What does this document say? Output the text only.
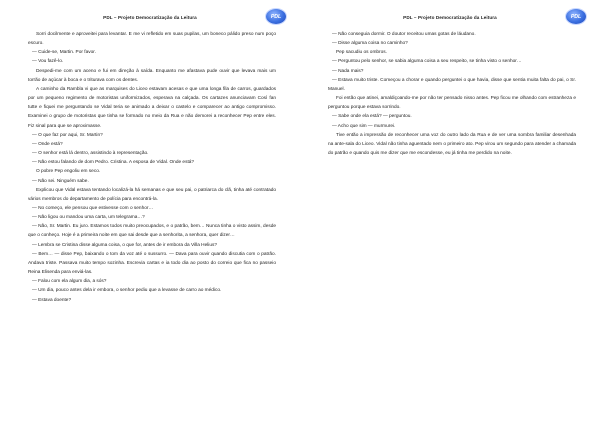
PDL – Projeto Democratização da Leitura	PDL

Sorri docilmente e aproveitei para levantar. E me vi refletido em suas pupilas, um boneco pálido preso num poço escuro.

— Cuide-se, Martin. Por favor.

— Vou fazê-lo.

Despedi-me com um aceno e fui em direção à saída. Enquanto me afastava pude ouvir que levava mais um torrão de açúcar à boca e o triturava com os dentes.

A caminho da Rambla vi que as marquises do Liceo estavam acesas e que uma longa fila de carros, guardados por um pequeno regimento de motoristas uniformizados, esperava na calçada. Os cartazes anunciavam Così fan tutte e fiquei me perguntando se Vidal teria se animado a deixar o castelo e comparecer ao antigo compromisso. Examinei o grupo de motoristas que tinha se formado no meio da Rua e não demorei a reconhecer Pep entre eles. Fiz sinal para que se aproximasse.

— O que faz por aqui, Sr. Martin?

— Onde está?

— O senhor está lá dentro, assistindo à representação.

— Não estou falando de dom Pedro. Cristina. A esposa de Vidal. Onde está?

O pobre Pep engoliu em seco.

— Não sei. Ninguém sabe.

Explicou que Vidal estava tentando localizá-la há semanas e que seu pai, o patriarca do clã, tinha até contratado vários membros do departamento de polícia para encontrá-la.

— No começo, ele pensou que estivesse com o senhor…

— Não ligou ou mandou uma carta, um telegrama…?

— Não, Sr. Martin. Eu juro. Estamos todos muito preocupados, e o patrão, bem… Nunca tinha o visto assim, desde que o conheço. Hoje é a primeira noite em que sai desde que a senhorita, a senhora, quer dizer…

— Lembra se Cristina disse alguma coisa, o que for, antes de ir embora da Villa Helius?

— Bem… — disse Pep, baixando o tom da voz até o sussurro. — Dava para ouvir quando discutia com o patrão. Andava triste. Passava muito tempo sozinha. Escrevia cartas e ia todo dia ao posto do correio que fica no passeio Reina Elisenda para enviá-las.

— Falou com ela algum dia, a sós?

— Um dia, pouco antes dela ir embora, o senhor pediu que a levasse de carro ao médico.

— Estava doente?

PDL – Projeto Democratização da Leitura	PDL

— Não conseguia dormir. O doutor receitou umas gotas de láudano.

— Disse alguma coisa no caminho?

Pep sacudiu os ombros.

— Perguntou pelo senhor, se sabia alguma coisa a seu respeito, se tinha visto o senhor…

— Nada mais?

— Estava muito triste. Começou a chorar e quando perguntei o que havia, disse que sentia muita falta do pai, o Sr. Manuel.

Foi então que atinei, amaldiçoando-me por não ter pensado nisso antes. Pep ficou me olhando com estranheza e perguntou porque estava sorrindo.

— Sabe onde ela está? — perguntou.

— Acho que sim — murmurei.

Tive então a impressão de reconhecer uma voz do outro lado da Rua e de ver uma sombra familiar desenhada na ante-sala do Liceo. Vidal não tinha aguentado nem o primeiro ato. Pep virou um segundo para atender a chamada do patrão e quando quis me dizer que me escondesse, eu já tinha me perdido na noite.
